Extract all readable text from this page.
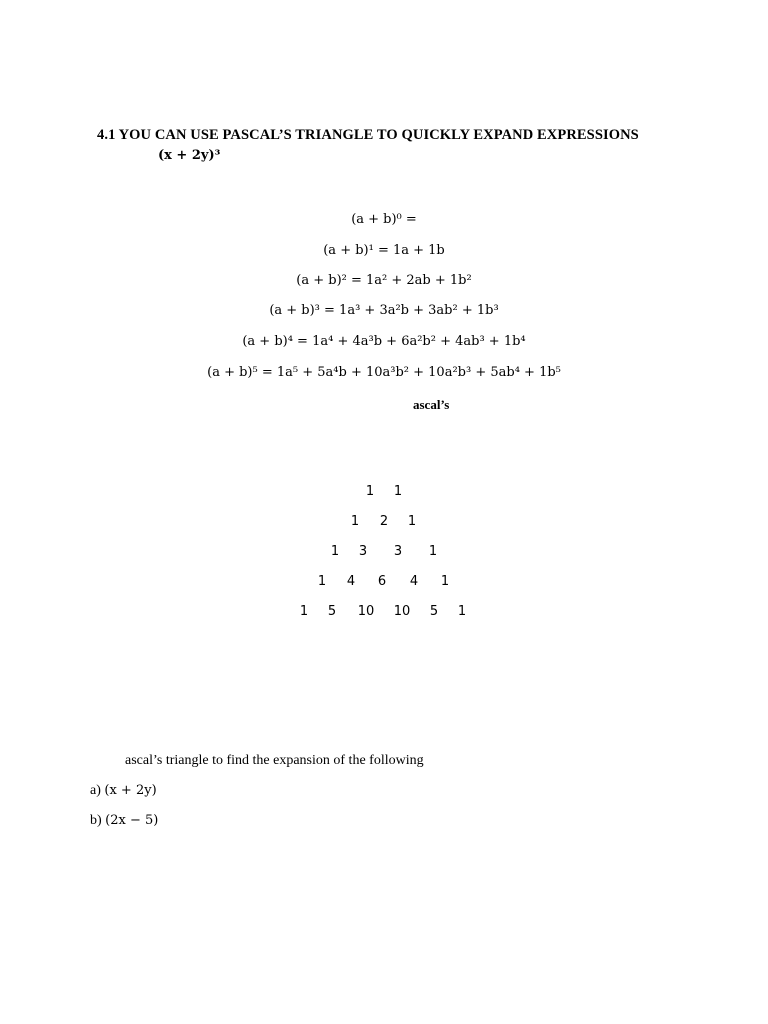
4.1 YOU CAN USE PASCAL’S TRIANGLE TO QUICKLY EXPAND EXPRESSIONS
(x + 2y)³
(a + b)⁰ =
(a + b)¹ = 1a + 1b
(a + b)² = 1a² + 2ab + 1b²
(a + b)³ = 1a³ + 3a²b + 3ab² + 1b³
(a + b)⁴ = 1a⁴ + 4a³b + 6a²b² + 4ab³ + 1b⁴
(a + b)⁵ = 1a⁵ + 5a⁴b + 10a³b² + 10a²b³ + 5ab⁴ + 1b⁵
ascal’s
1 1
1 2 1
1 3 3 1
1 4 6 4 1
1 5 10 10 5 1
ascal’s triangle to find the expansion of the following
a) (x + 2y)
b) (2x − 5)
